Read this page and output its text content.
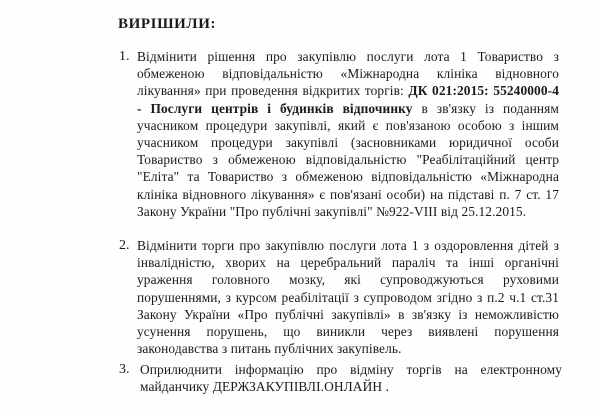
ВИРІШИЛИ:
1. Відмінити рішення про закупівлю послуги лота 1 Товариство з обмеженою відповідальністю «Міжнародна клініка відновного лікування» при проведення відкритих торгів: ДК 021:2015: 55240000-4 - Послуги центрів і будинків відпочинку в зв'язку із поданням учасником процедури закупівлі, який є пов'язаною особою з іншим учасником процедури закупівлі (засновниками юридичної особи Товариство з обмеженою відповідальністю "Реабілітаційний центр "Еліта" та Товариство з обмеженою відповідальністю «Міжнародна клініка відновного лікування» є пов'язані особи) на підставі п. 7 ст. 17 Закону України "Про публічні закупівлі" №922-VIII від 25.12.2015.
2. Відмінити торги про закупівлю послуги лота 1 з оздоровлення дітей з інвалідністю, хворих на церебральний параліч та інші органічні ураження головного мозку, які супроводжуються руховими порушеннями, з курсом реабілітації з супроводом згідно з п.2 ч.1 ст.31 Закону України «Про публічні закупівлі» в зв'язку із неможливістю усунення порушень, що виникли через виявлені порушення законодавства з питань публічних закупівель.
3. Оприлюднити інформацію про відміну торгів на електронному майданчику ДЕРЖЗАКУПІВЛІ.ОНЛАЙН .
